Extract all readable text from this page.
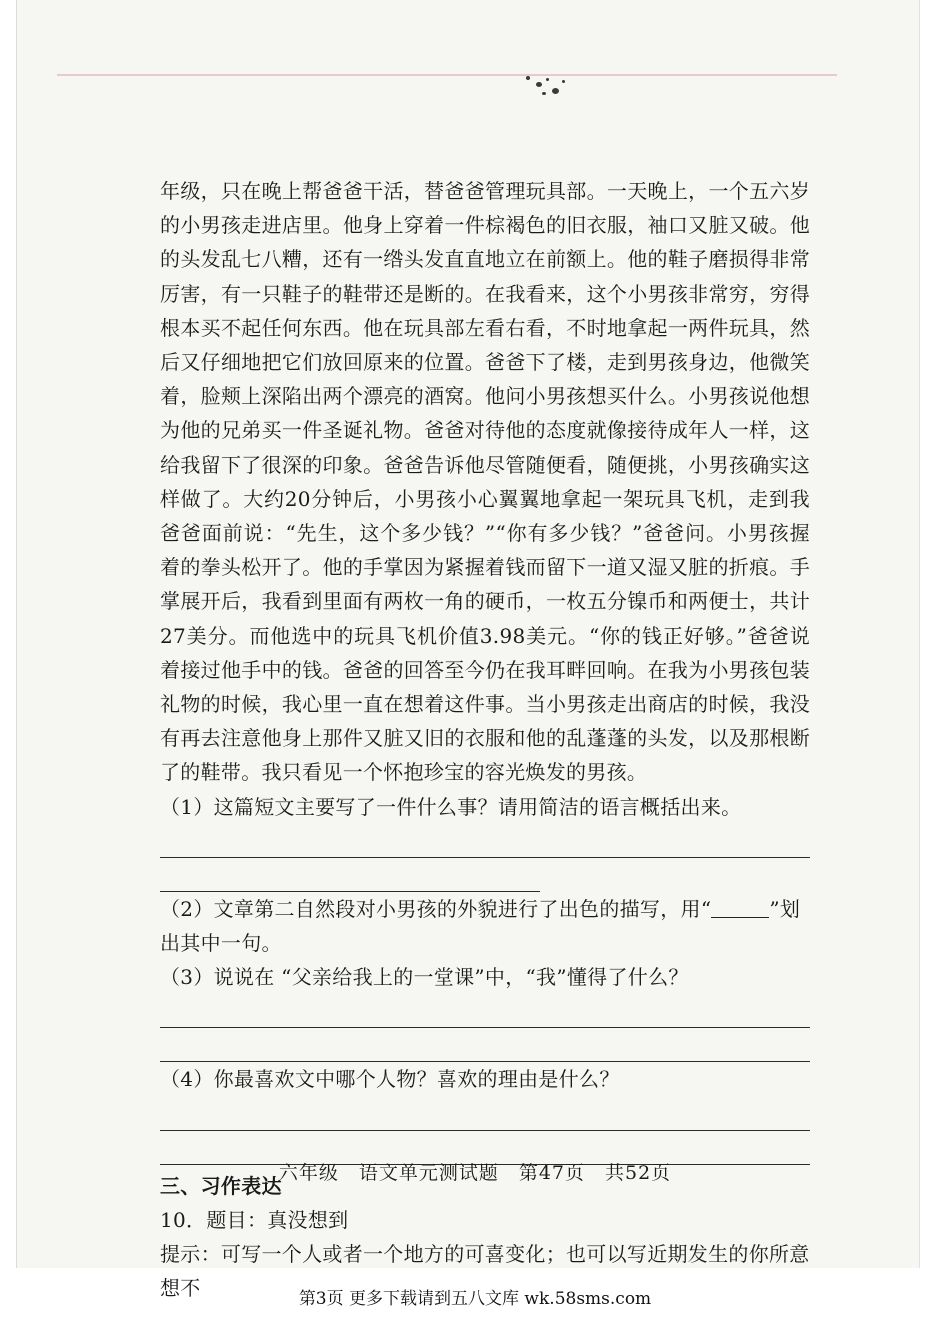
年级，只在晚上帮爸爸干活，替爸爸管理玩具部。一天晚上，一个五六岁的小男孩走进店里。他身上穿着一件棕褐色的旧衣服，袖口又脏又破。他的头发乱七八糟，还有一绺头发直直地立在前额上。他的鞋子磨损得非常厉害，有一只鞋子的鞋带还是断的。在我看来，这个小男孩非常穷，穷得根本买不起任何东西。他在玩具部左看右看，不时地拿起一两件玩具，然后又仔细地把它们放回原来的位置。爸爸下了楼，走到男孩身边，他微笑着，脸颊上深陷出两个漂亮的酒窝。他问小男孩想买什么。小男孩说他想为他的兄弟买一件圣诞礼物。爸爸对待他的态度就像接待成年人一样，这给我留下了很深的印象。爸爸告诉他尽管随便看，随便挑，小男孩确实这样做了。大约20分钟后，小男孩小心翼翼地拿起一架玩具飞机，走到我爸爸面前说：“先生，这个多少钱？”“你有多少钱？”爸爸问。小男孩握着的拳头松开了。他的手掌因为紧握着钱而留下一道又湿又脏的折痕。手掌展开后，我看到里面有两枚一角的硬币，一枚五分镍币和两便士，共计27美分。而他选中的玩具飞机价值3.98美元。“你的钱正好够。”爸爸说着接过他手中的钱。爸爸的回答至今仍在我耳畔回响。在我为小男孩包装礼物的时候，我心里一直在想着这件事。当小男孩走出商店的时候，我没有再去注意他身上那件又脏又旧的衣服和他的乱蓬蓬的头发，以及那根断了的鞋带。我只看见一个怀抱珍宝的容光焕发的男孩。

（1）这篇短文主要写了一件什么事？请用简洁的语言概括出来。

（2）文章第二自然段对小男孩的外貌进行了出色的描写，用“	”划出其中一句。

（3）说说在 “父亲给我上的一堂课”中，“我”懂得了什么？

（4）你最喜欢文中哪个人物？喜欢的理由是什么？

三、习作表达

10．题目：真没想到

提示：可写一个人或者一个地方的可喜变化；也可以写近期发生的你所意想不

六年级　语文单元测试题　第47页　共52页
第3页 更多下载请到五八文库 wk.58sms.com
